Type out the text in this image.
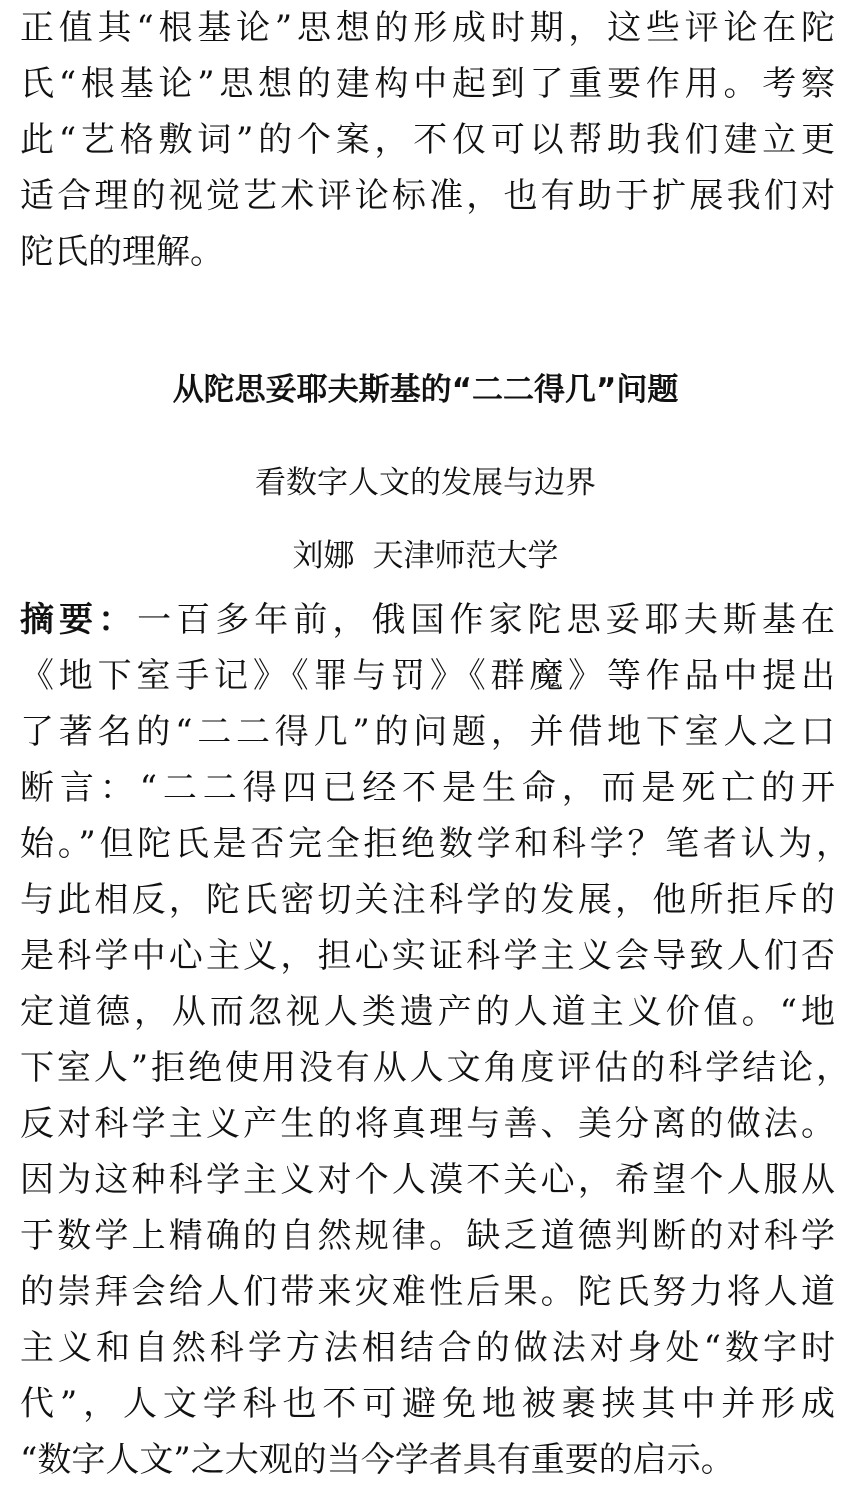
正值其“根基论”思想的形成时期，这些评论在陀
氏“根基论”思想的建构中起到了重要作用。考察
此“艺格敷词”的个案，不仅可以帮助我们建立更
适合理的视觉艺术评论标准，也有助于扩展我们对
陀氏的理解。
从陀思妥耶夫斯基的“二二得几”问题
看数字人文的发展与边界
刘娜 天津师范大学
摘要：一百多年前，俄国作家陀思妥耶夫斯基在
《地下室手记》《罪与罚》《群魔》等作品中提出
了著名的“二二得几”的问题，并借地下室人之口
断言：“二二得四已经不是生命，而是死亡的开
始。”但陀氏是否完全拒绝数学和科学？笔者认为，
与此相反，陀氏密切关注科学的发展，他所拒斥的
是科学中心主义，担心实证科学主义会导致人们否
定道德，从而忽视人类遗产的人道主义价值。“地
下室人”拒绝使用没有从人文角度评估的科学结论，
反对科学主义产生的将真理与善、美分离的做法。
因为这种科学主义对个人漠不关心，希望个人服从
于数学上精确的自然规律。缺乏道德判断的对科学
的崇拜会给人们带来灾难性后果。陀氏努力将人道
主义和自然科学方法相结合的做法对身处“数字时
代”，人文学科也不可避免地被裹挟其中并形成
“数字人文”之大观的当今学者具有重要的启示。
